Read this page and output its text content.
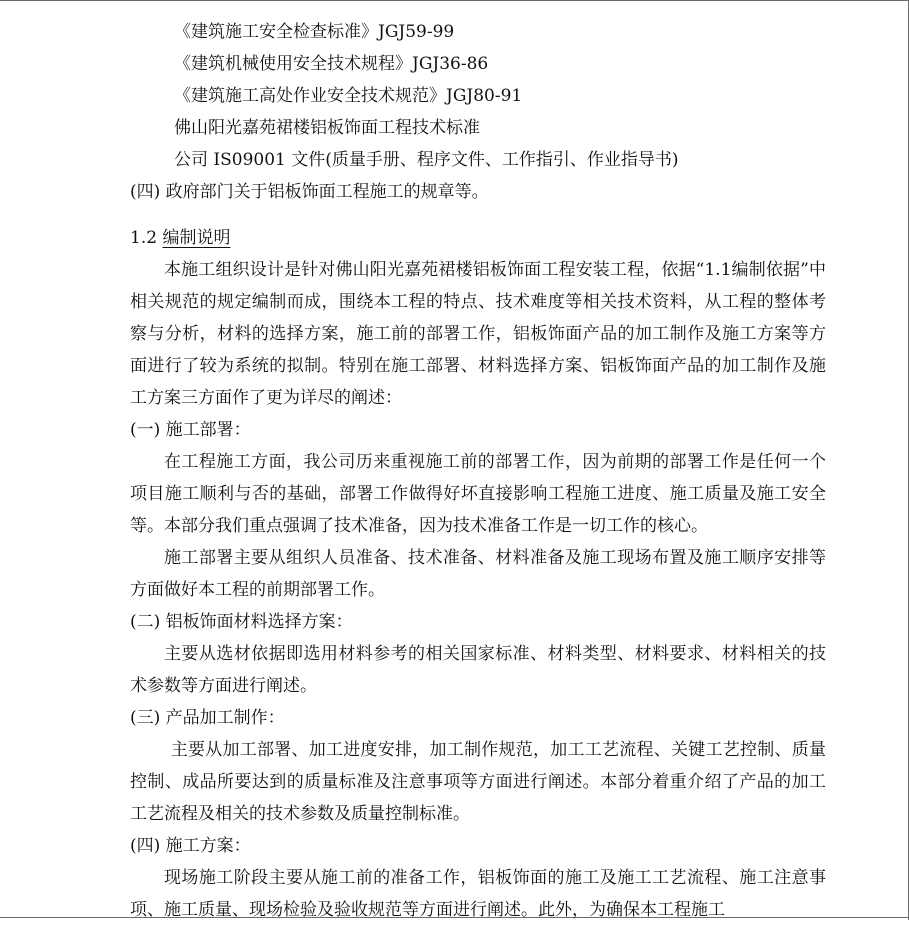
《建筑施工安全检查标准》JGJ59-99
《建筑机械使用安全技术规程》JGJ36-86
《建筑施工高处作业安全技术规范》JGJ80-91
佛山阳光嘉苑裙楼铝板饰面工程技术标准
公司 IS09001 文件(质量手册、程序文件、工作指引、作业指导书)
(四) 政府部门关于铝板饰面工程施工的规章等。
1.2 编制说明

本施工组织设计是针对佛山阳光嘉苑裙楼铝板饰面工程安装工程，依据“1.1编制依据”中相关规范的规定编制而成，围绕本工程的特点、技术难度等相关技术资料，从工程的整体考察与分析，材料的选择方案，施工前的部署工作，铝板饰面产品的加工制作及施工方案等方面进行了较为系统的拟制。特别在施工部署、材料选择方案、铝板饰面产品的加工制作及施工方案三方面作了更为详尽的阐述：

(一) 施工部署：

在工程施工方面，我公司历来重视施工前的部署工作，因为前期的部署工作是任何一个项目施工顺利与否的基础，部署工作做得好坏直接影响工程施工进度、施工质量及施工安全等。本部分我们重点强调了技术准备，因为技术准备工作是一切工作的核心。

施工部署主要从组织人员准备、技术准备、材料准备及施工现场布置及施工顺序安排等方面做好本工程的前期部署工作。

(二) 铝板饰面材料选择方案：

主要从选材依据即选用材料参考的相关国家标准、材料类型、材料要求、材料相关的技术参数等方面进行阐述。

(三) 产品加工制作：

主要从加工部署、加工进度安排，加工制作规范，加工工艺流程、关键工艺控制、质量控制、成品所要达到的质量标准及注意事项等方面进行阐述。本部分着重介绍了产品的加工工艺流程及相关的技术参数及质量控制标准。

(四) 施工方案：

现场施工阶段主要从施工前的准备工作，铝板饰面的施工及施工工艺流程、施工注意事项、施工质量、现场检验及验收规范等方面进行阐述。此外，为确保本工程施工
